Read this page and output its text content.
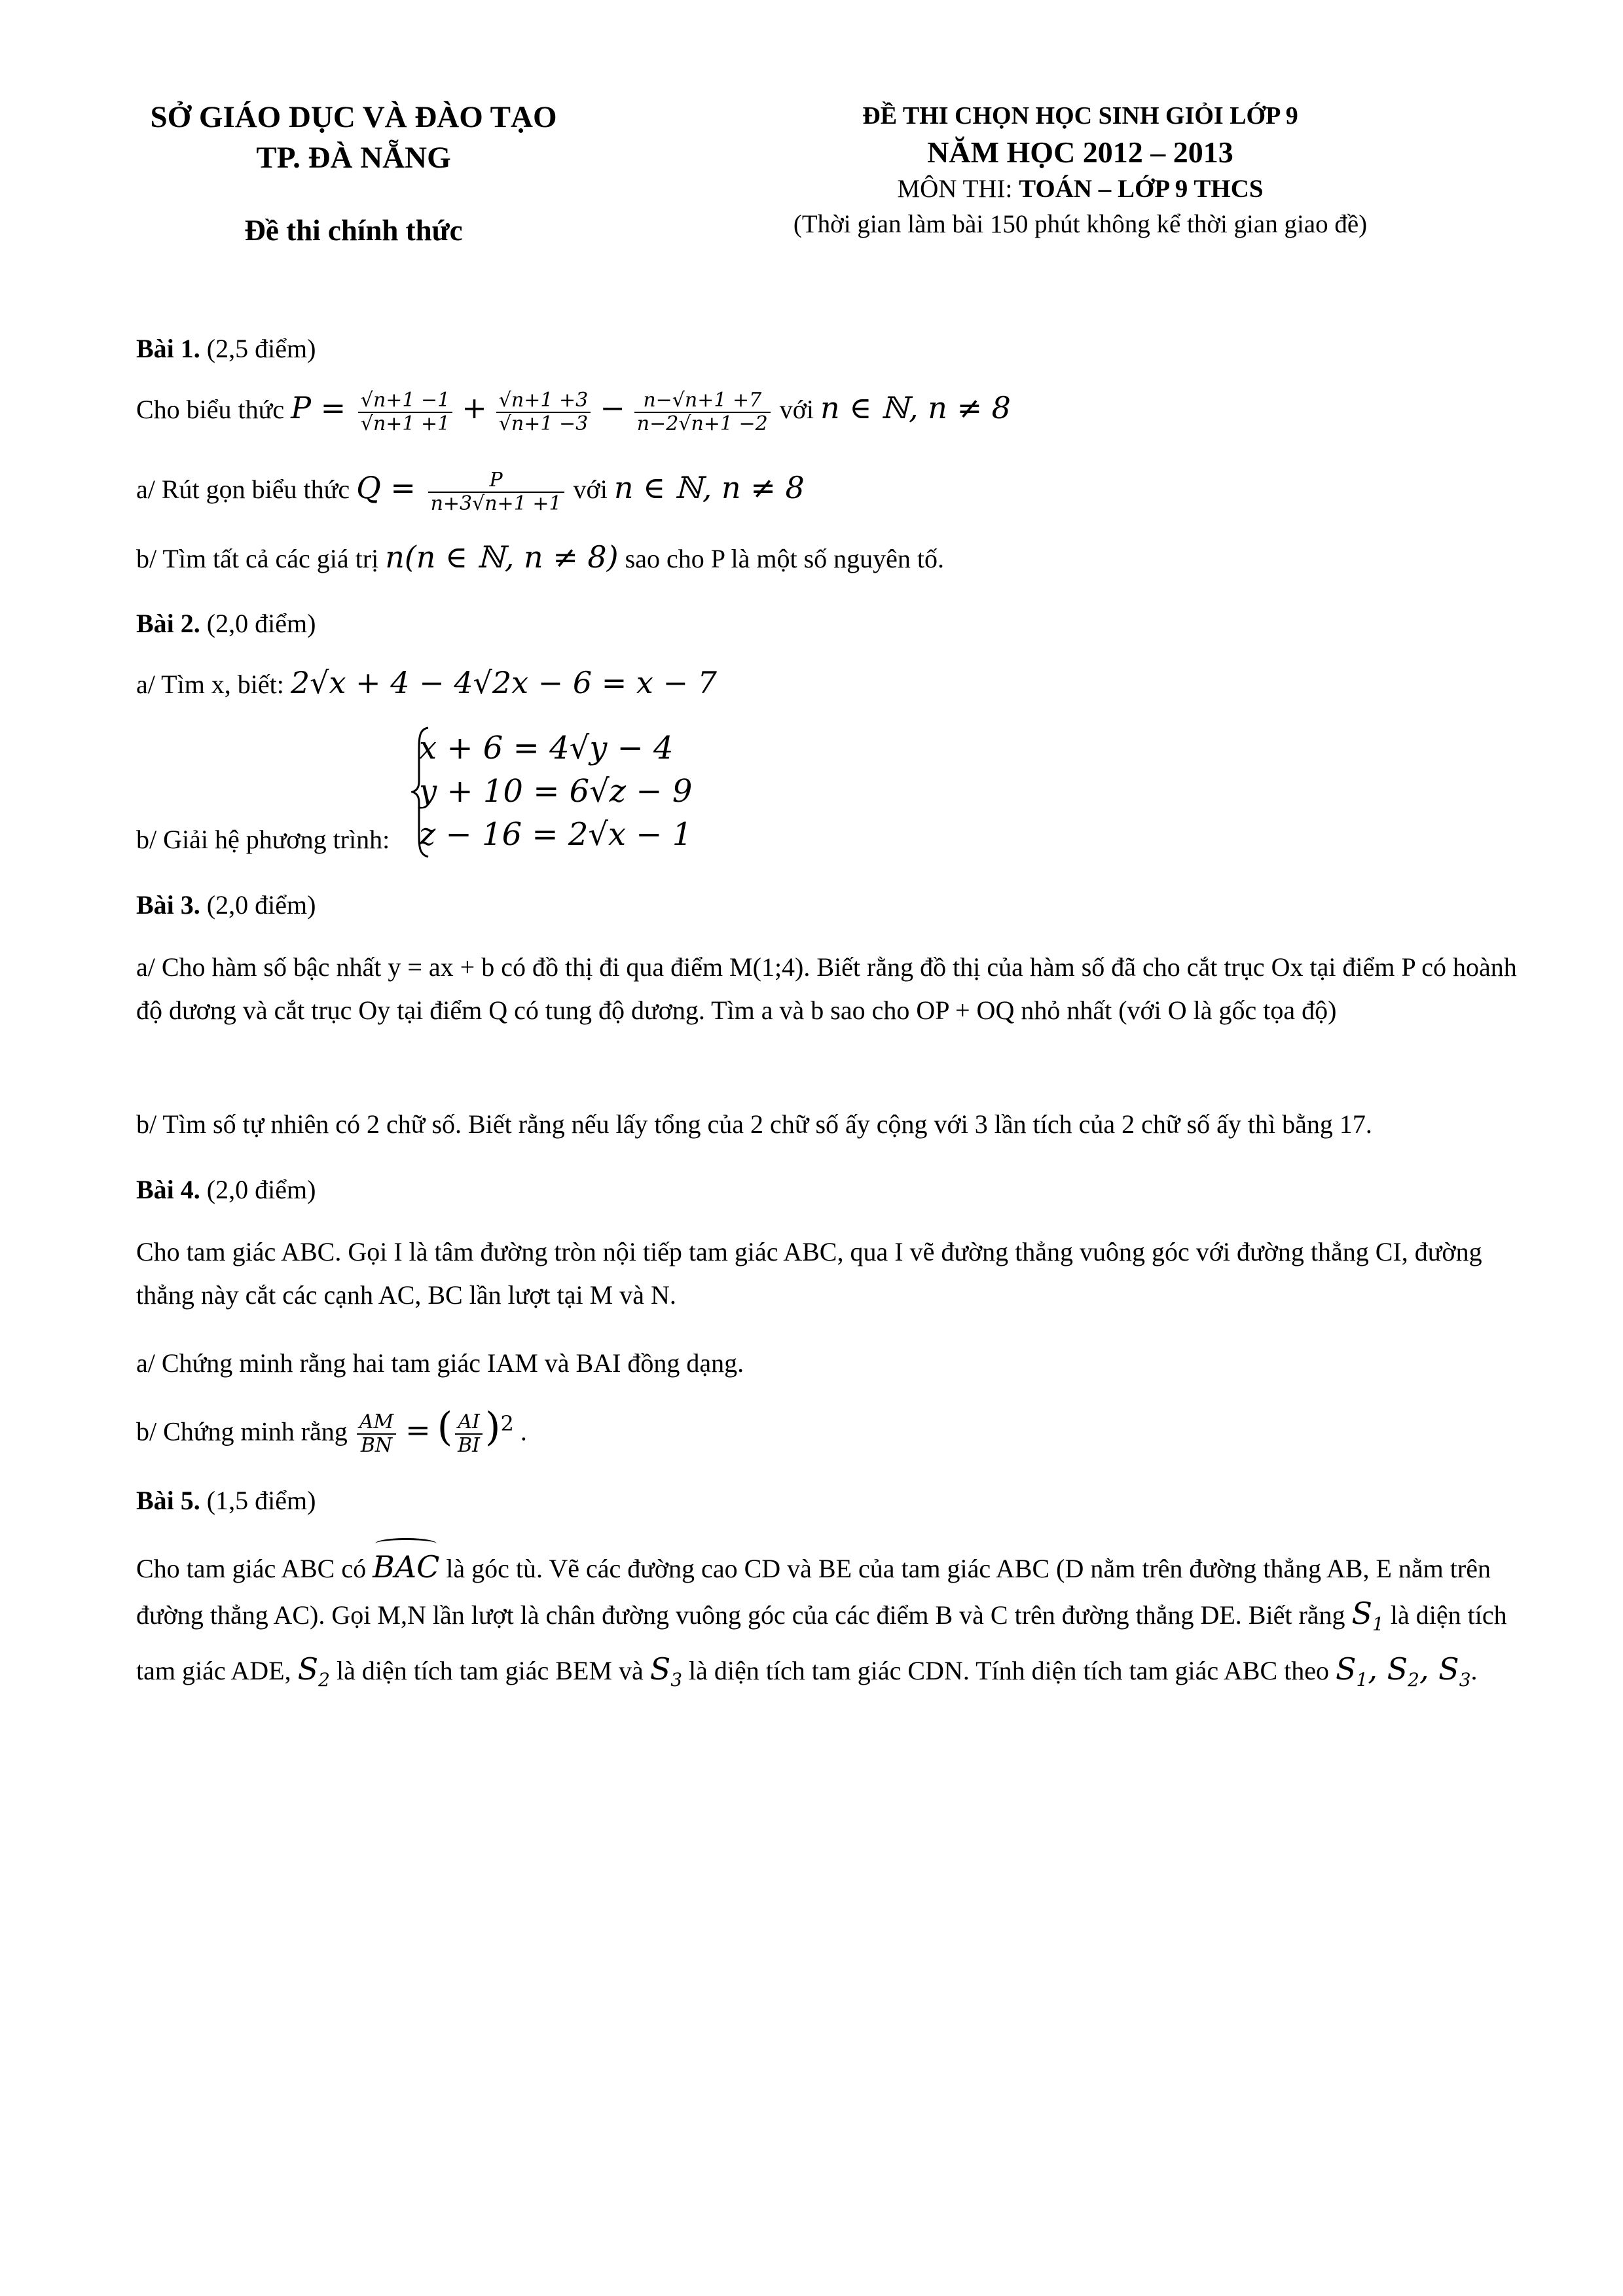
SỞ GIÁO DỤC VÀ ĐÀO TẠO
TP. ĐÀ NẴNG
Đề thi chính thức
ĐỀ THI CHỌN HỌC SINH GIỎI LỚP 9
NĂM HỌC 2012 – 2013
MÔN THI: TOÁN – LỚP 9 THCS
(Thời gian làm bài 150 phút không kể thời gian giao đề)
Bài 1. (2,5 điểm)
Cho biểu thức $P = \frac{√n+1 -1}{√n+1 +1} + \frac{√n+1 +3}{√n+1 -3} - \frac{n-√n+1 +7}{n-2√n+1 -2}$ với n ∈ ℕ, n ≠ 8
a/ Rút gọn biểu thức $Q = \frac{P}{n+3√n+1 +1}$ với n ∈ ℕ, n ≠ 8
b/ Tìm tất cả các giá trị n(n ∈ ℕ, n ≠ 8) sao cho P là một số nguyên tố.
Bài 2. (2,0 điểm)
a/ Tìm x, biết: 2√x + 4 − 4√2x − 6 = x − 7
x + 6 = 4√y − 4
y + 10 = 6√z − 9
z − 16 = 2√x − 1
b/ Giải hệ phương trình:
Bài 3. (2,0 điểm)
a/ Cho hàm số bậc nhất y = ax + b có đồ thị đi qua điểm M(1;4). Biết rằng đồ thị của hàm số đã cho cắt trục Ox tại điểm P có hoành độ dương và cắt trục Oy tại điểm Q có tung độ dương. Tìm a và b sao cho OP + OQ nhỏ nhất (với O là gốc tọa độ)
b/ Tìm số tự nhiên có 2 chữ số. Biết rằng nếu lấy tổng của 2 chữ số ấy cộng với 3 lần tích của 2 chữ số ấy thì bằng 17.
Bài 4. (2,0 điểm)
Cho tam giác ABC. Gọi I là tâm đường tròn nội tiếp tam giác ABC, qua I vẽ đường thẳng vuông góc với đường thẳng CI, đường thẳng này cắt các cạnh AC, BC lần lượt tại M và N.
a/ Chứng minh rằng hai tam giác IAM và BAI đồng dạng.
b/ Chứng minh rằng $\frac{AM}{BN}$ = ( $\frac{AI}{BI} )^2$ .
Bài 5. (1,5 điểm)
Cho tam giác ABC có BAC là góc tù. Vẽ các đường cao CD và BE của tam giác ABC (D nằm trên đường thẳng AB, E nằm trên đường thẳng AC). Gọi M,N lần lượt là chân đường vuông góc của các điểm B và C trên đường thẳng DE. Biết rằng $S_1$ là diện tích tam giác ADE, $S_2$ là diện tích tam giác BEM và $S_3$ là diện tích tam giác CDN. Tính diện tích tam giác ABC theo $S_1$, $S_2$, $S_3$.
